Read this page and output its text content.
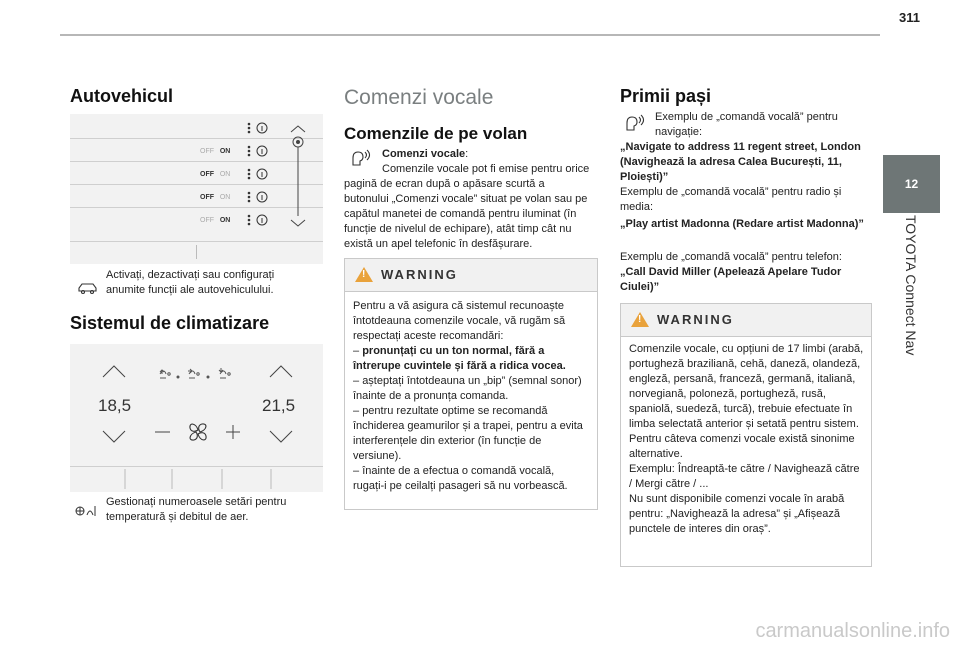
311
12
TOYOTA Connect Nav
Autovehicul
OFF ON
OFF ON
OFF ON
OFF ON
Activați, dezactivați sau configurați anumite funcții ale autovehiculului.
Sistemul de climatizare
18,5	21,5
Gestionați numeroasele setări pentru temperatură și debitul de aer.
Comenzi vocale
Comenzile de pe volan
Comenzi vocale:
Comenzile vocale pot fi emise pentru orice pagină de ecran după o apăsare scurtă a butonului „Comenzi vocale” situat pe volan sau pe capătul manetei de comandă pentru iluminat (în funcție de nivelul de echipare), atât timp cât nu există un apel telefonic în desfășurare.
!
WARNING
Pentru a vă asigura că sistemul recunoaște întotdeauna comenzile vocale, vă rugăm să respectați aceste recomandări:
– pronunțați cu un ton normal, fără a întrerupe cuvintele și fără a ridica vocea.
– așteptați întotdeauna un „bip” (semnal sonor) înainte de a pronunța comanda.
– pentru rezultate optime se recomandă închiderea geamurilor și a trapei, pentru a evita interferențele din exterior (în funcție de versiune).
– înainte de a efectua o comandă vocală, rugați-i pe ceilalți pasageri să nu vorbească.
Primii pași
Exemplu de „comandă vocală” pentru navigație:
„Navigate to address 11 regent street, London (Navighează la adresa Calea București, 11, Ploiești)”
Exemplu de „comandă vocală” pentru radio și media:
„Play artist Madonna (Redare artist Madonna)”
Exemplu de „comandă vocală” pentru telefon:
„Call David Miller (Apelează Apelare Tudor Ciulei)”
!
WARNING
Comenzile vocale, cu opțiuni de 17 limbi (arabă, portugheză braziliană, cehă, daneză, olandeză, engleză, persană, franceză, germană, italiană, norvegiană, poloneză, portugheză, rusă, spaniolă, suedeză, turcă), trebuie efectuate în limba selectată anterior și setată pentru sistem.
Pentru câteva comenzi vocale există sinonime alternative.
Exemplu: Îndreaptă-te către / Navighează către / Mergi către / ...
Nu sunt disponibile comenzi vocale în arabă pentru: „Navighează la adresa” și „Afișează punctele de interes din oraș”.
carmanualsonline.info
